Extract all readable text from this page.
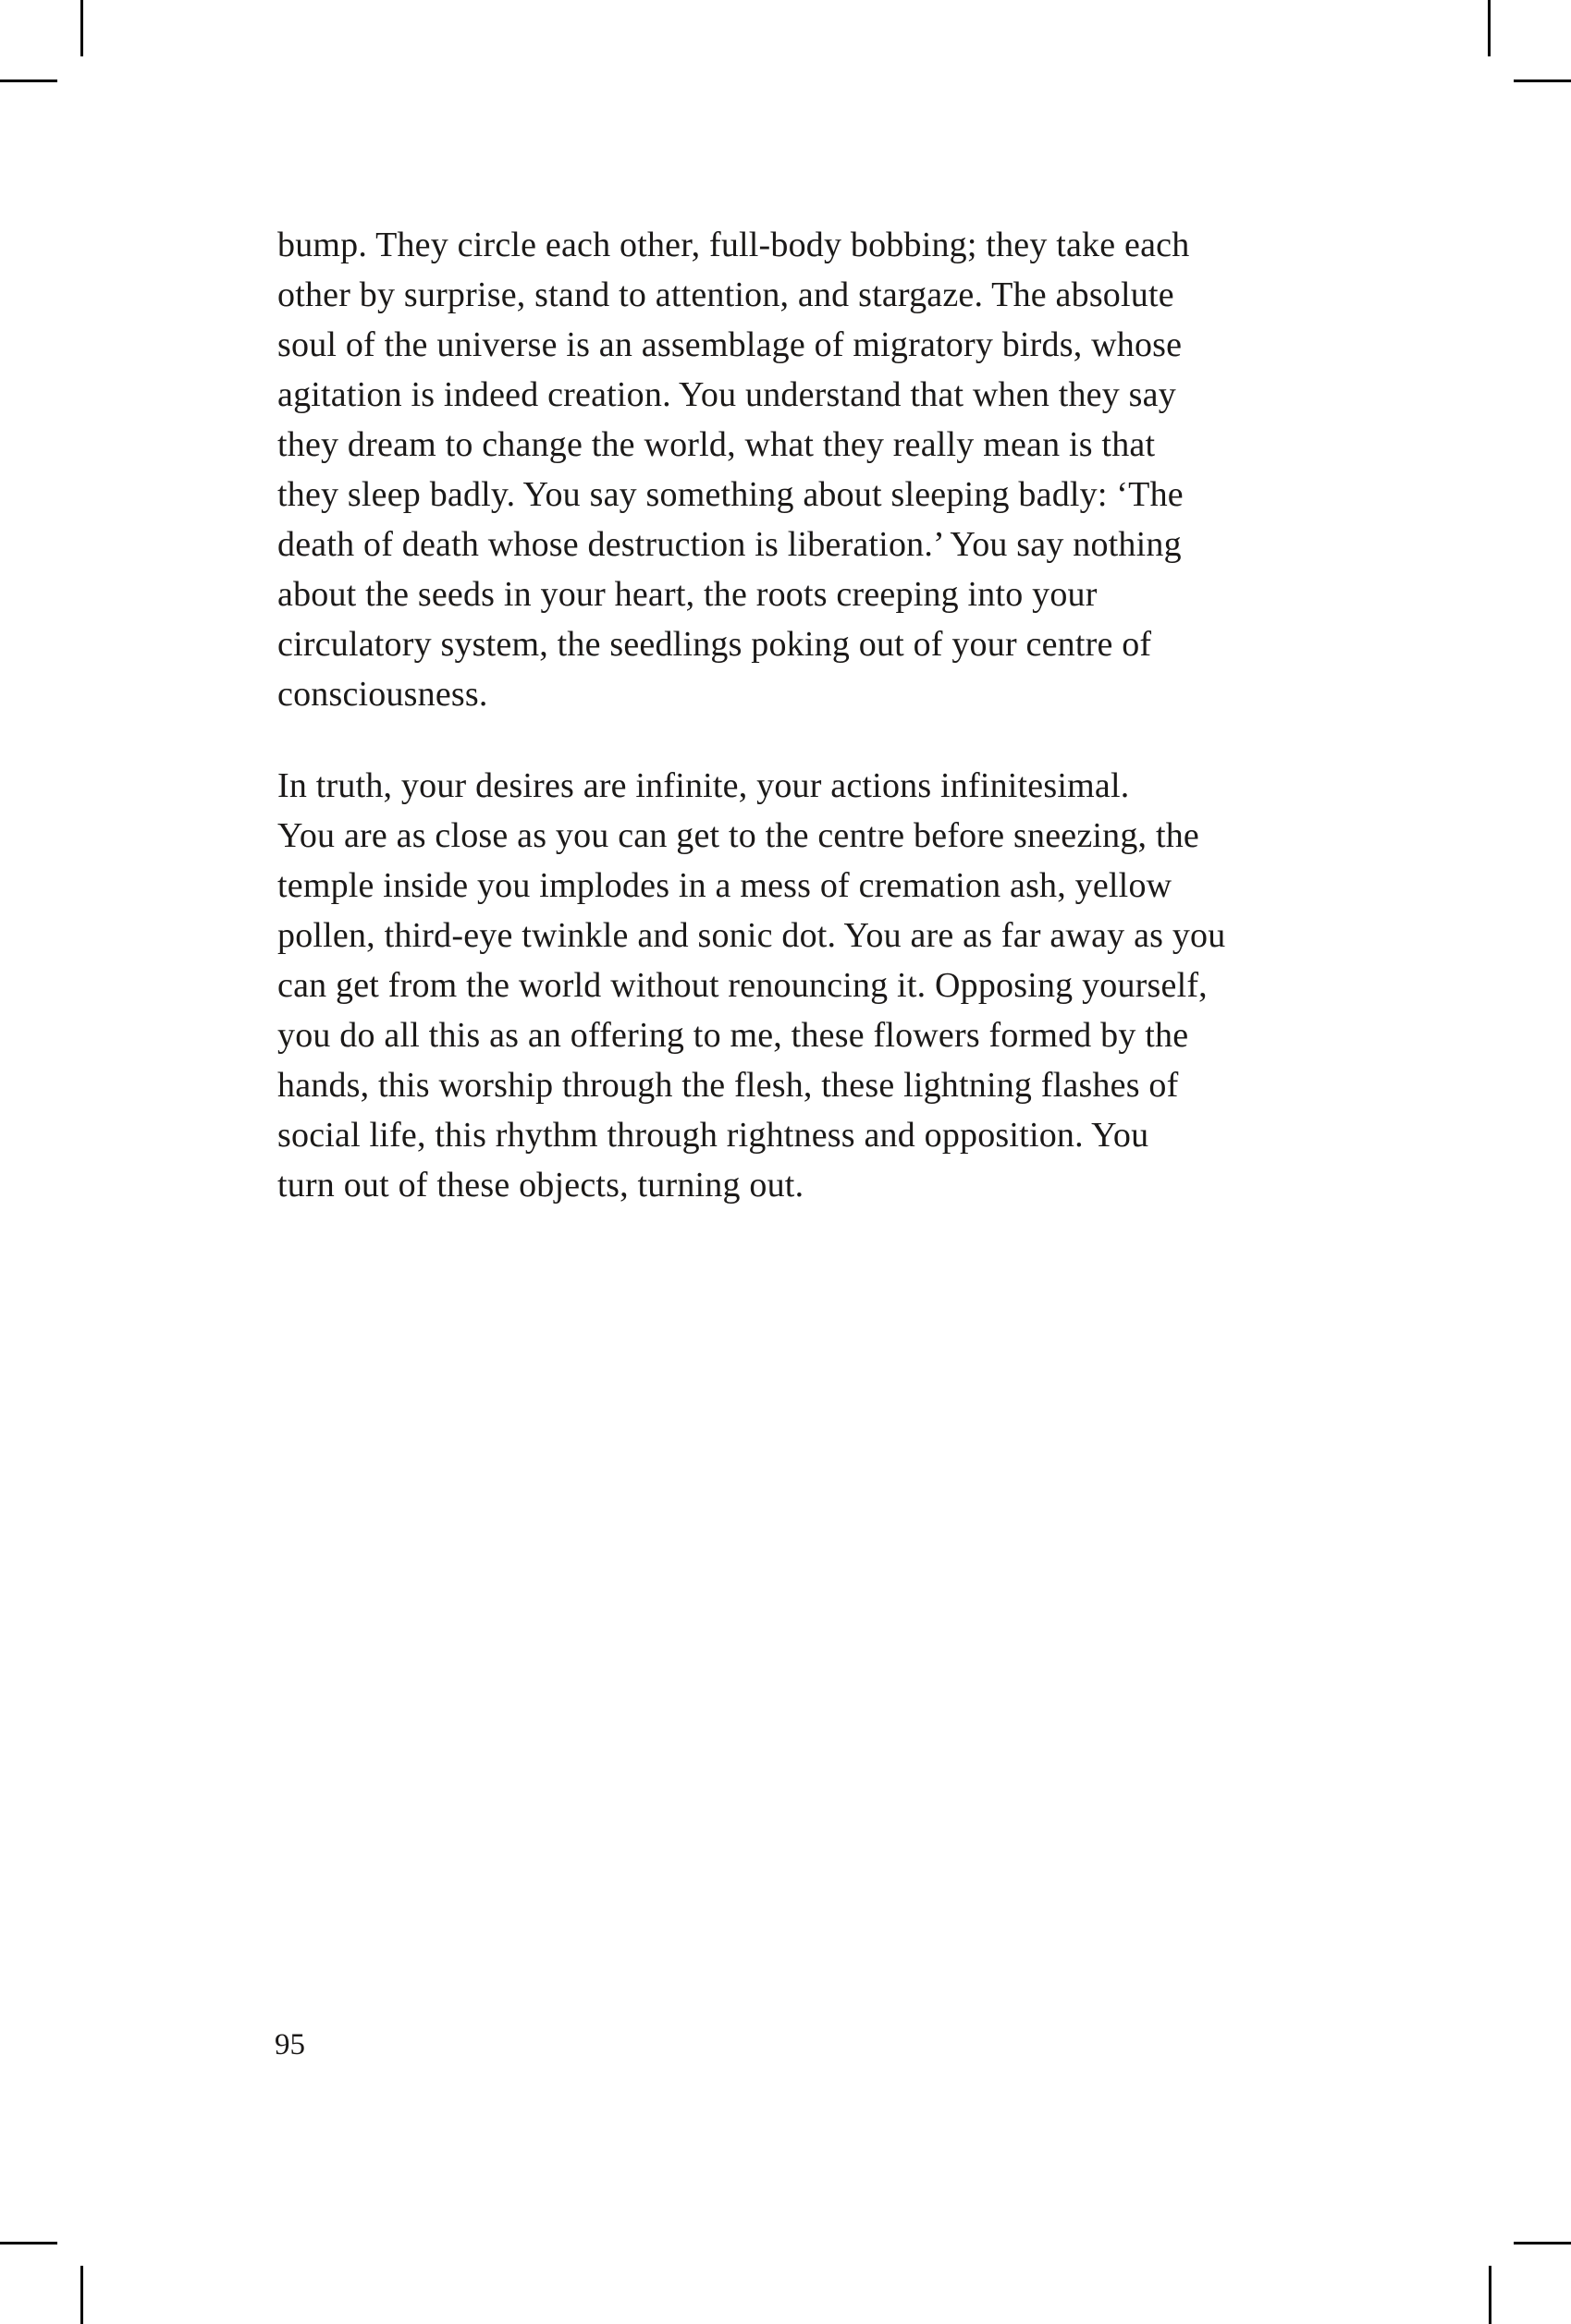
bump. They circle each other, full-body bobbing; they take each
other by surprise, stand to attention, and stargaze. The absolute
soul of the universe is an assemblage of migratory birds, whose
agitation is indeed creation. You understand that when they say
they dream to change the world, what they really mean is that
they sleep badly. You say something about sleeping badly: ‘The
death of death whose destruction is liberation.’ You say nothing
about the seeds in your heart, the roots creeping into your
circulatory system, the seedlings poking out of your centre of
consciousness.
In truth, your desires are infinite, your actions infinitesimal.
You are as close as you can get to the centre before sneezing, the
temple inside you implodes in a mess of cremation ash, yellow
pollen, third-eye twinkle and sonic dot. You are as far away as you
can get from the world without renouncing it. Opposing yourself,
you do all this as an offering to me, these flowers formed by the
hands, this worship through the flesh, these lightning flashes of
social life, this rhythm through rightness and opposition. You
turn out of these objects, turning out.
95
